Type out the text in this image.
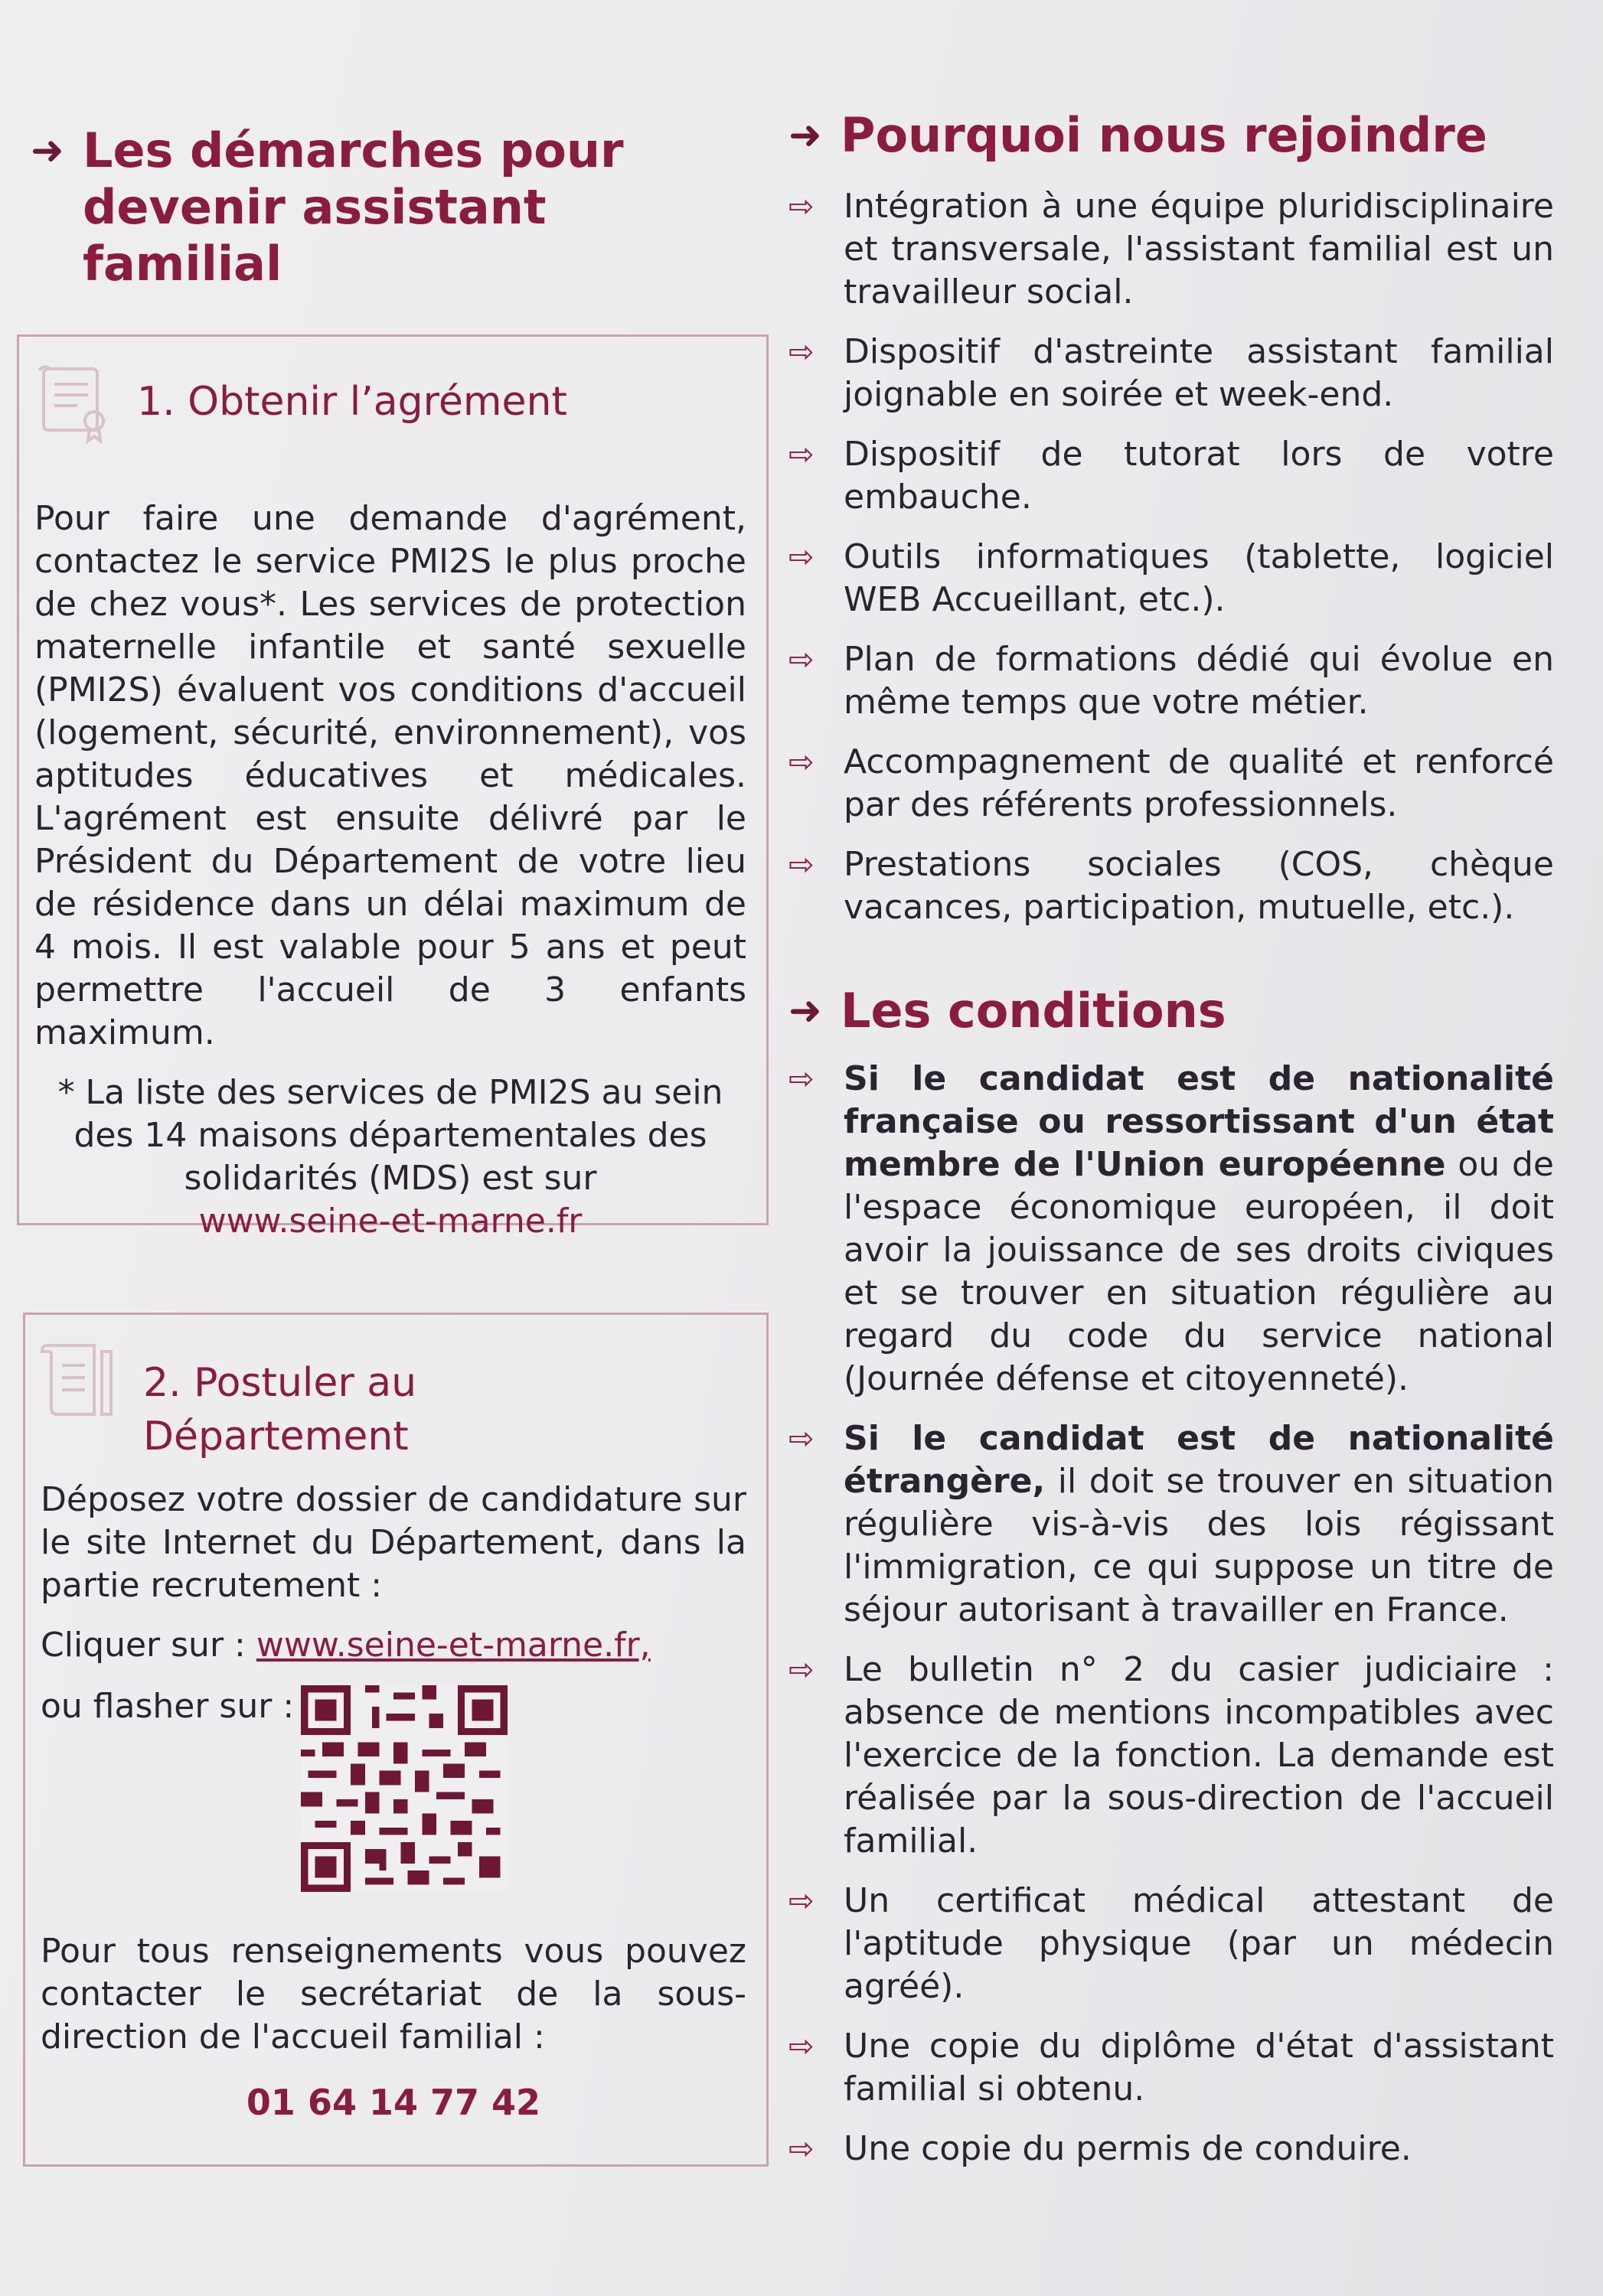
➜ Les démarches pour
devenir assistant
familial
1. Obtenir l’agrément
Pour faire une demande d'agrément, contactez le service PMI2S le plus proche de chez vous*. Les services de protection maternelle infantile et santé sexuelle (PMI2S) évaluent vos conditions d'accueil (logement, sécurité, environnement), vos aptitudes éducatives et médicales. L'agrément est ensuite délivré par le Président du Département de votre lieu de résidence dans un délai maximum de 4 mois. Il est valable pour 5 ans et peut permettre l'accueil de 3 enfants maximum.
* La liste des services de PMI2S au sein des 14 maisons départementales des solidarités (MDS) est sur
www.seine-et-marne.fr
2. Postuler au
Département
Déposez votre dossier de candidature sur le site Internet du Département, dans la partie recrutement :
Cliquer sur : www.seine-et-marne.fr,
ou flasher sur :
Pour tous renseignements vous pouvez contacter le secrétariat de la sous-direction de l'accueil familial :
01 64 14 77 42
➜ Pourquoi nous rejoindre
⇨ Intégration à une équipe pluridisciplinaire et transversale, l'assistant familial est un travailleur social.
⇨ Dispositif d'astreinte assistant familial joignable en soirée et week-end.
⇨ Dispositif de tutorat lors de votre embauche.
⇨ Outils informatiques (tablette, logiciel WEB Accueillant, etc.).
⇨ Plan de formations dédié qui évolue en même temps que votre métier.
⇨ Accompagnement de qualité et renforcé par des référents professionnels.
⇨ Prestations sociales (COS, chèque vacances, participation, mutuelle, etc.).
➜ Les conditions
⇨ Si le candidat est de nationalité française ou ressortissant d'un état membre de l'Union européenne ou de l'espace économique européen, il doit avoir la jouissance de ses droits civiques et se trouver en situation régulière au regard du code du service national (Journée défense et citoyenneté).
⇨ Si le candidat est de nationalité étrangère, il doit se trouver en situation régulière vis-à-vis des lois régissant l'immigration, ce qui suppose un titre de séjour autorisant à travailler en France.
⇨ Le bulletin n° 2 du casier judiciaire : absence de mentions incompatibles avec l'exercice de la fonction. La demande est réalisée par la sous-direction de l'accueil familial.
⇨ Un certificat médical attestant de l'aptitude physique (par un médecin agréé).
⇨ Une copie du diplôme d'état d'assistant familial si obtenu.
⇨ Une copie du permis de conduire.
